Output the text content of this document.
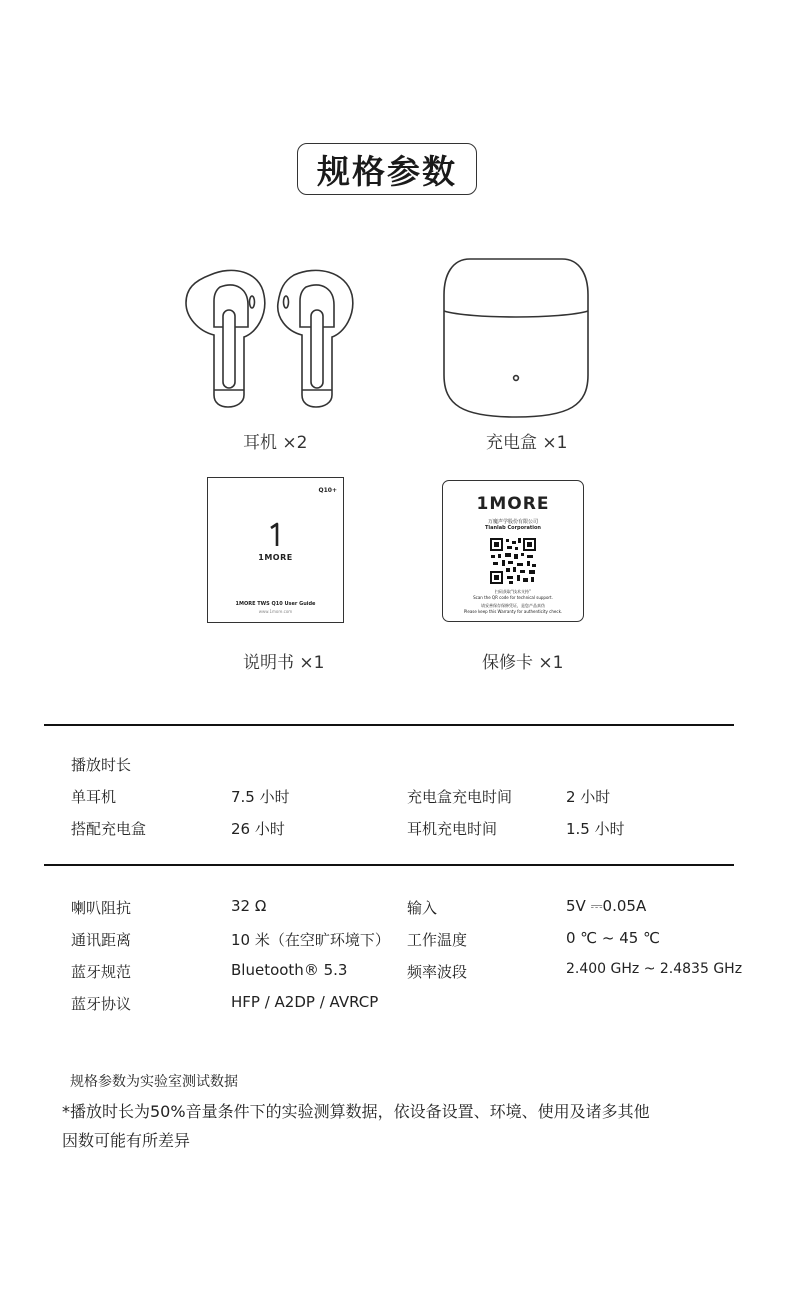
规格参数
耳机 ×2	充电盒 ×1
Q10+
1MORE
1MORE TWS Q10 User Guide
www.1more.com
1MORE
万魔声学股份有限公司
Tianlab Corporation
扫码获取“技术支持”
Scan the QR code for technical support.
请妥善保存保修凭证，是您产品真伪
Please keep this Warranty for authenticity check.
说明书 ×1	保修卡 ×1
播放时长
单耳机	7.5 小时	充电盒充电时间	2 小时
搭配充电盒	26 小时	耳机充电时间	1.5 小时
喇叭阻抗	32 Ω	输入	5V ⎓0.05A
通讯距离	10 米（在空旷环境下） 工作温度	0 ℃ ~ 45 ℃
蓝牙规范	Bluetooth® 5.3	频率波段	2.400 GHz ~ 2.4835 GHz
蓝牙协议	HFP / A2DP / AVRCP
规格参数为实验室测试数据
*播放时长为50%音量条件下的实验测算数据，依设备设置、环境、使用及诸多其他因数可能有所差异
